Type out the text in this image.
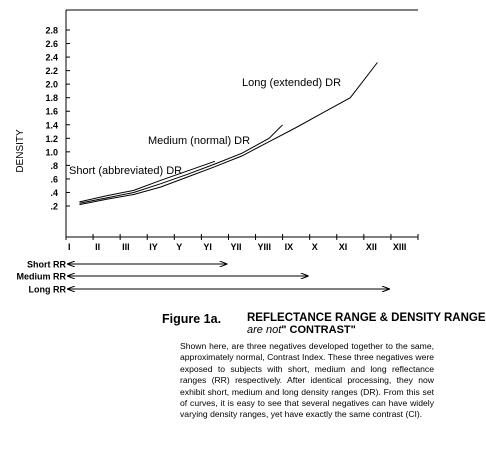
DENSITY
.2
.4
.6
.8
1.0
1.2
1.4
1.6
1.8
2.0
2.2
2.4
2.6
2.8
I	II III IY Y YI YII YIII IX X XI XII XIII
Short (abbreviated) DR
Medium (normal) DR
Long (extended) DR
Short RR
Medium RR
Long RR
Figure 1a. REFLECTANCE RANGE & DENSITY RANGE
are not" CONTRAST"
Shown here, are three negatives developed together to the same, approximately normal, Contrast Index. These three negatives were exposed to subjects with short, medium and long reflectance ranges (RR) respectively. After identical processing, they now exhibit short, medium and long density ranges (DR). From this set of curves, it is easy to see that several negatives can have widely varying density ranges, yet have exactly the same contrast (CI).
